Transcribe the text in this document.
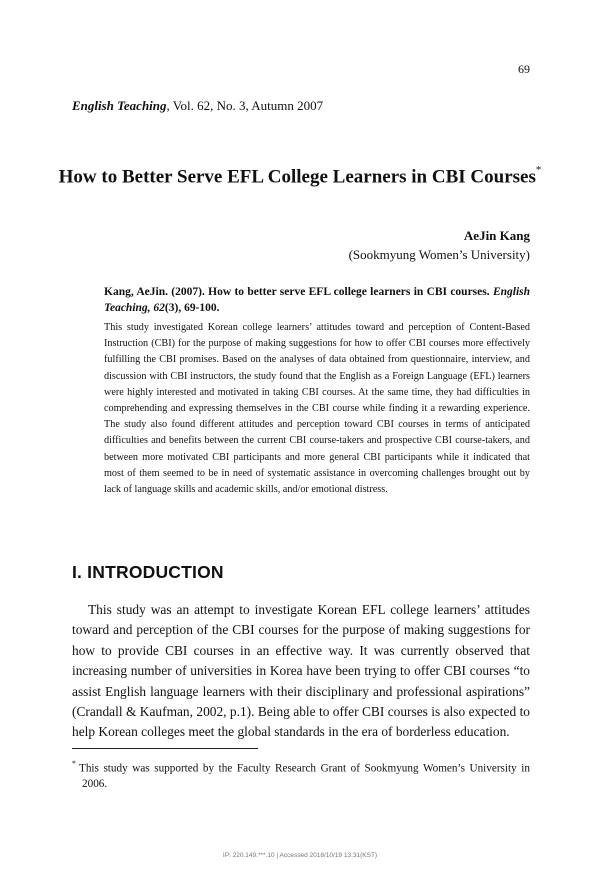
69
English Teaching, Vol. 62, No. 3, Autumn 2007
How to Better Serve EFL College Learners in CBI Courses*
AeJin Kang
(Sookmyung Women’s University)
Kang, AeJin. (2007). How to better serve EFL college learners in CBI courses. English Teaching, 62(3), 69-100.
This study investigated Korean college learners’ attitudes toward and perception of Content-Based Instruction (CBI) for the purpose of making suggestions for how to offer CBI courses more effectively fulfilling the CBI promises. Based on the analyses of data obtained from questionnaire, interview, and discussion with CBI instructors, the study found that the English as a Foreign Language (EFL) learners were highly interested and motivated in taking CBI courses. At the same time, they had difficulties in comprehending and expressing themselves in the CBI course while finding it a rewarding experience. The study also found different attitudes and perception toward CBI courses in terms of anticipated difficulties and benefits between the current CBI course-takers and prospective CBI course-takers, and between more motivated CBI participants and more general CBI participants while it indicated that most of them seemed to be in need of systematic assistance in overcoming challenges brought out by lack of language skills and academic skills, and/or emotional distress.
I. INTRODUCTION
This study was an attempt to investigate Korean EFL college learners’ attitudes toward and perception of the CBI courses for the purpose of making suggestions for how to provide CBI courses in an effective way. It was currently observed that increasing number of universities in Korea have been trying to offer CBI courses “to assist English language learners with their disciplinary and professional aspirations” (Crandall & Kaufman, 2002, p.1). Being able to offer CBI courses is also expected to help Korean colleges meet the global standards in the era of borderless education.
* This study was supported by the Faculty Research Grant of Sookmyung Women’s University in 2006.
IP: 220.149.***.10 | Accessed 2018/10/19 13:31(KST)
